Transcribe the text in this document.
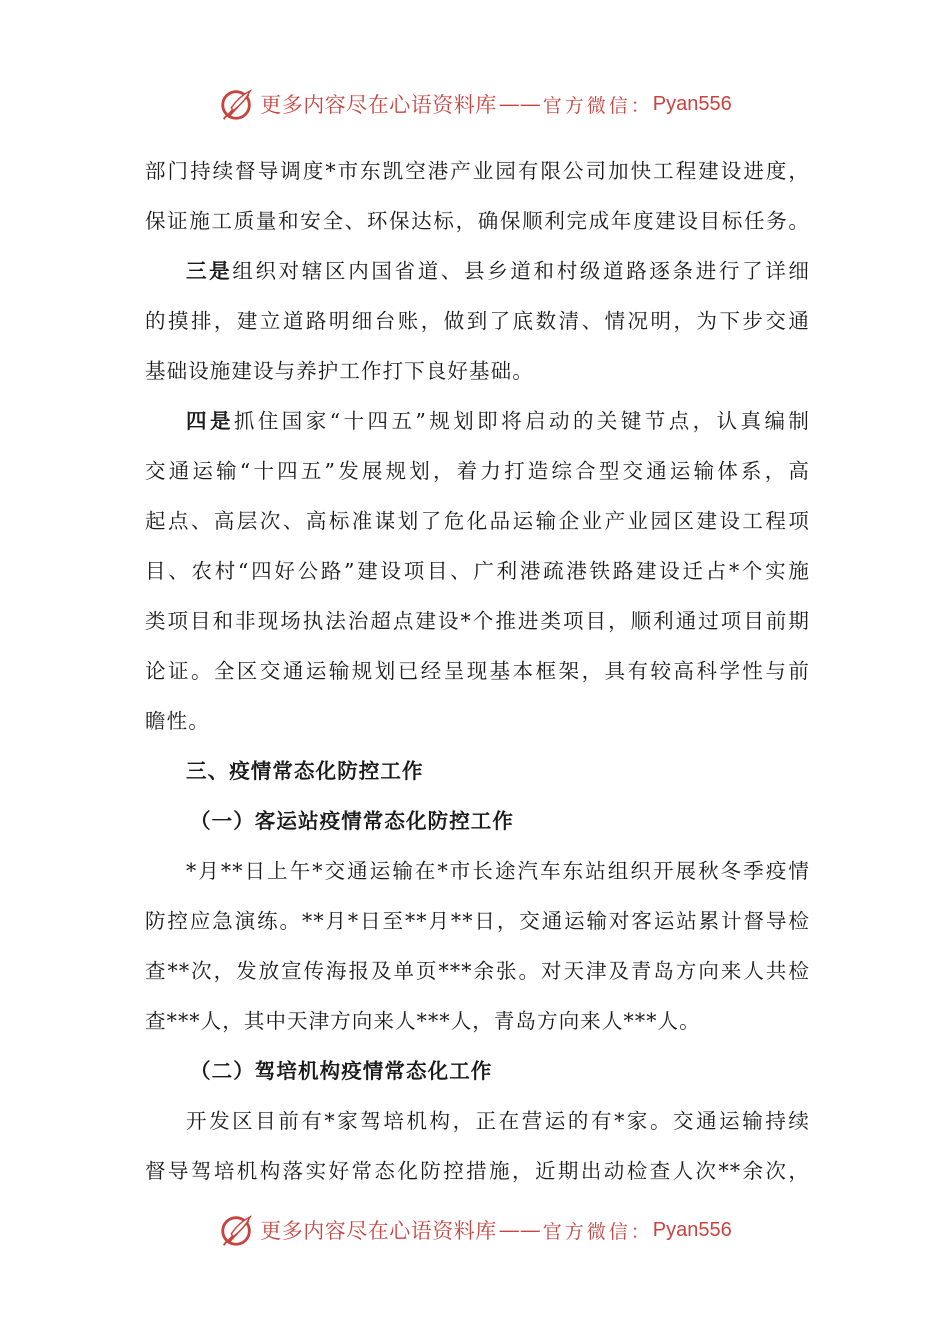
更多内容尽在心语资料库 —— 官方微信： Pyan556
部门持续督导调度*市东凯空港产业园有限公司加快工程建设进度，
保证施工质量和安全、环保达标，确保顺利完成年度建设目标任务。
三是组织对辖区内国省道、县乡道和村级道路逐条进行了详细
的摸排，建立道路明细台账，做到了底数清、情况明，为下步交通
基础设施建设与养护工作打下良好基础。
四是抓住国家“十四五”规划即将启动的关键节点，认真编制
交通运输“十四五”发展规划，着力打造综合型交通运输体系，高
起点、高层次、高标准谋划了危化品运输企业产业园区建设工程项
目、农村“四好公路”建设项目、广利港疏港铁路建设迁占*个实施
类项目和非现场执法治超点建设*个推进类项目，顺利通过项目前期
论证。全区交通运输规划已经呈现基本框架，具有较高科学性与前
瞻性。
三、疫情常态化防控工作
（一）客运站疫情常态化防控工作
*月**日上午*交通运输在*市长途汽车东站组织开展秋冬季疫情
防控应急演练。**月*日至**月**日，交通运输对客运站累计督导检
查**次，发放宣传海报及单页***余张。对天津及青岛方向来人共检
查***人，其中天津方向来人***人，青岛方向来人***人。
（二）驾培机构疫情常态化工作
开发区目前有*家驾培机构，正在营运的有*家。交通运输持续
督导驾培机构落实好常态化防控措施，近期出动检查人次**余次，
更多内容尽在心语资料库 —— 官方微信： Pyan556
